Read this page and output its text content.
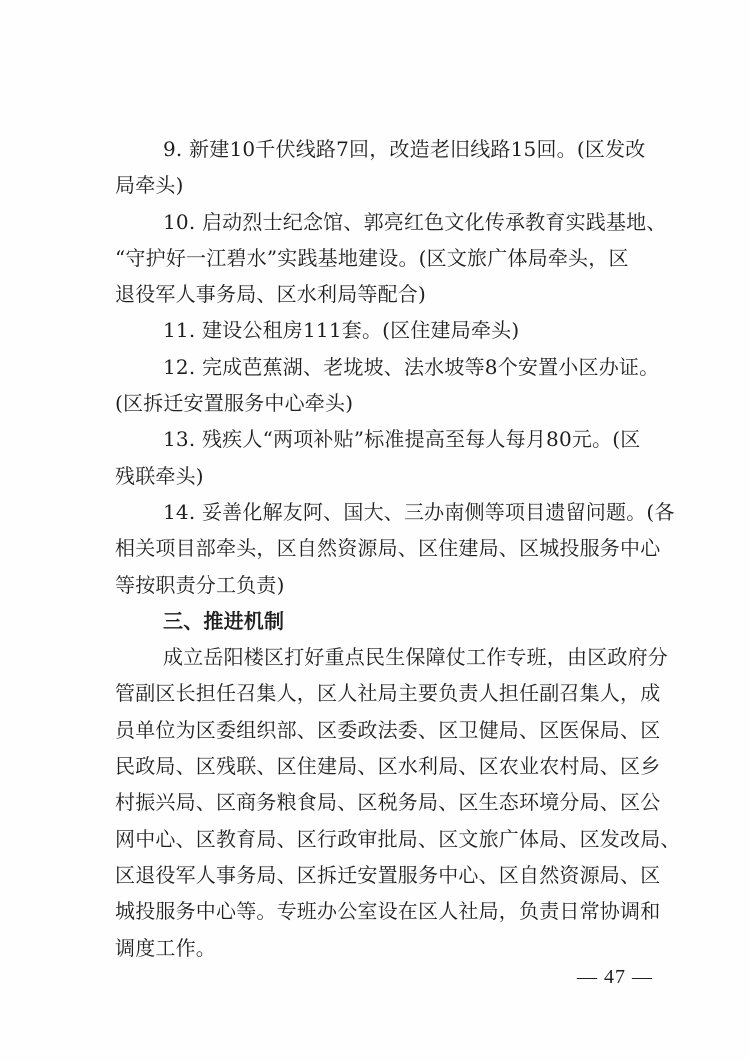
9. 新建10千伏线路7回，改造老旧线路15回。(区发改
局牵头)
10. 启动烈士纪念馆、郭亮红色文化传承教育实践基地、
“守护好一江碧水”实践基地建设。(区文旅广体局牵头，区
退役军人事务局、区水利局等配合)
11. 建设公租房111套。(区住建局牵头)
12. 完成芭蕉湖、老垅坡、法水坡等8个安置小区办证。
(区拆迁安置服务中心牵头)
13. 残疾人“两项补贴”标准提高至每人每月80元。(区
残联牵头)
14. 妥善化解友阿、国大、三办南侧等项目遗留问题。(各
相关项目部牵头，区自然资源局、区住建局、区城投服务中心
等按职责分工负责)
三、推进机制
成立岳阳楼区打好重点民生保障仗工作专班，由区政府分
管副区长担任召集人，区人社局主要负责人担任副召集人，成
员单位为区委组织部、区委政法委、区卫健局、区医保局、区
民政局、区残联、区住建局、区水利局、区农业农村局、区乡
村振兴局、区商务粮食局、区税务局、区生态环境分局、区公
网中心、区教育局、区行政审批局、区文旅广体局、区发改局、
区退役军人事务局、区拆迁安置服务中心、区自然资源局、区
城投服务中心等。专班办公室设在区人社局，负责日常协调和
调度工作。
— 47 —
